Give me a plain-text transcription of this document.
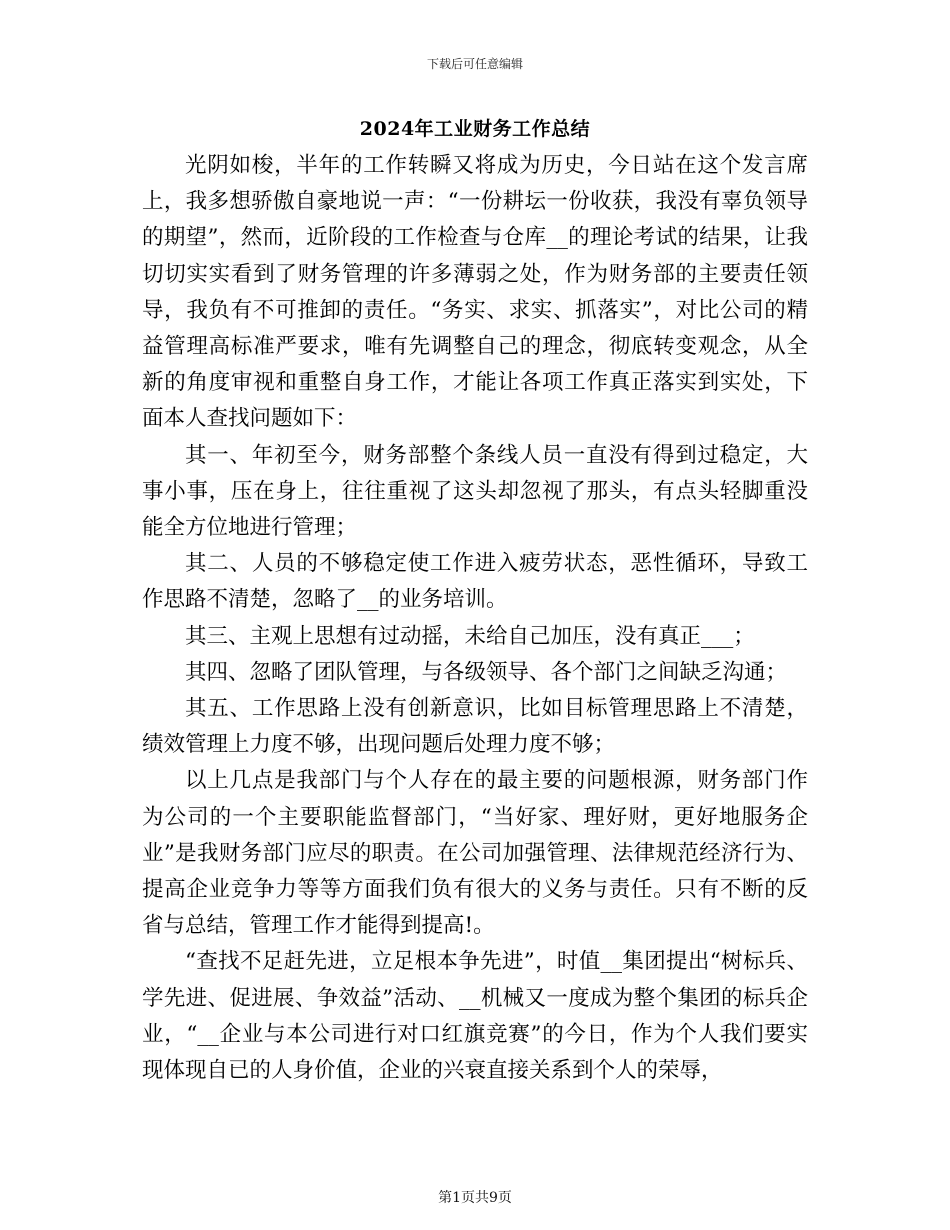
下载后可任意编辑
2024年工业财务工作总结

光阴如梭，半年的工作转瞬又将成为历史，今日站在这个发言席上，我多想骄傲自豪地说一声：“一份耕坛一份收获，我没有辜负领导的期望”，然而，近阶段的工作检查与仓库__的理论考试的结果，让我切切实实看到了财务管理的许多薄弱之处，作为财务部的主要责任领导，我负有不可推卸的责任。“务实、求实、抓落实”，对比公司的精益管理高标准严要求，唯有先调整自己的理念，彻底转变观念，从全新的角度审视和重整自身工作，才能让各项工作真正落实到实处，下面本人查找问题如下：

其一、年初至今，财务部整个条线人员一直没有得到过稳定，大事小事，压在身上，往往重视了这头却忽视了那头，有点头轻脚重没能全方位地进行管理；

其二、人员的不够稳定使工作进入疲劳状态，恶性循环，导致工作思路不清楚，忽略了__的业务培训。

其三、主观上思想有过动摇，未给自己加压，没有真正___；

其四、忽略了团队管理，与各级领导、各个部门之间缺乏沟通；

其五、工作思路上没有创新意识，比如目标管理思路上不清楚，绩效管理上力度不够，出现问题后处理力度不够；

以上几点是我部门与个人存在的最主要的问题根源，财务部门作为公司的一个主要职能监督部门，“当好家、理好财，更好地服务企业”是我财务部门应尽的职责。在公司加强管理、法律规范经济行为、提高企业竞争力等等方面我们负有很大的义务与责任。只有不断的反省与总结，管理工作才能得到提高!。

“查找不足赶先进，立足根本争先进”，时值__集团提出“树标兵、学先进、促进展、争效益”活动、__机械又一度成为整个集团的标兵企业，“__企业与本公司进行对口红旗竞赛”的今日，作为个人我们要实现体现自已的人身价值，企业的兴衰直接关系到个人的荣辱，

第1页共9页
